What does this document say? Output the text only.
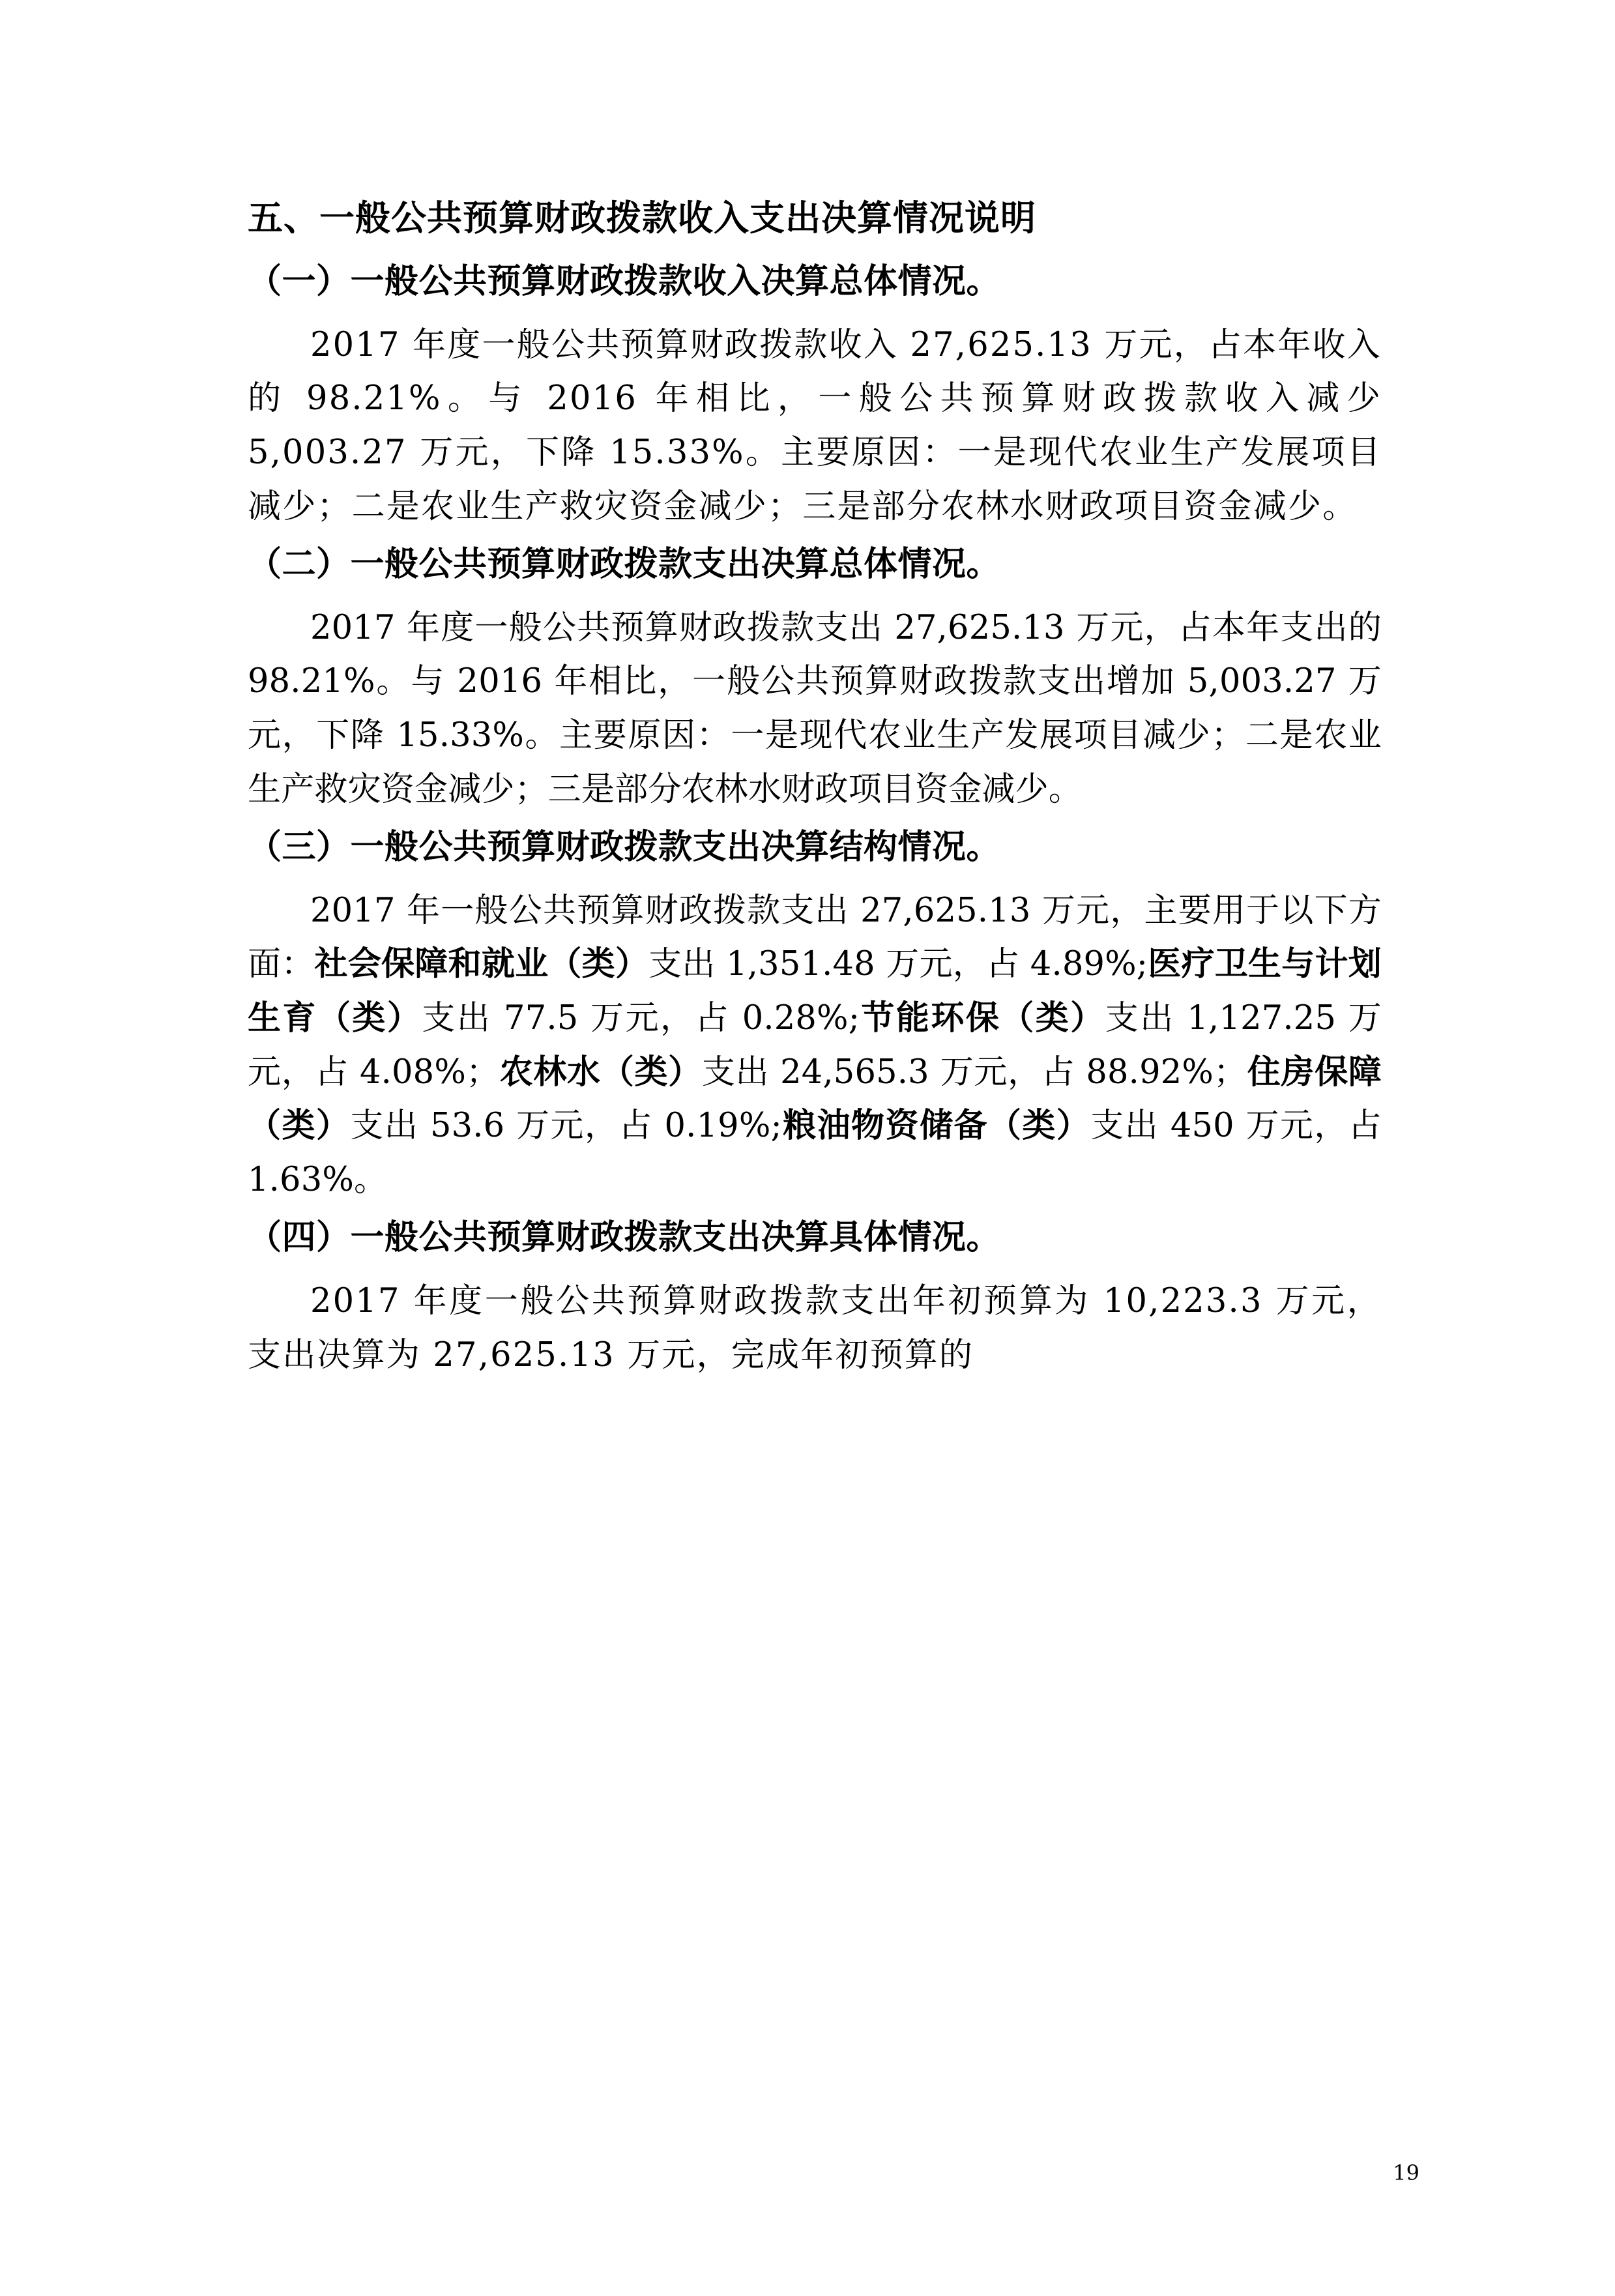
五、一般公共预算财政拨款收入支出决算情况说明
（一）一般公共预算财政拨款收入决算总体情况。

2017 年度一般公共预算财政拨款收入 27,625.13 万元，占本年收入的 98.21%。与 2016 年相比，一般公共预算财政拨款收入减少 5,003.27 万元，下降 15.33%。主要原因：一是现代农业生产发展项目减少；二是农业生产救灾资金减少；三是部分农林水财政项目资金减少。

（二）一般公共预算财政拨款支出决算总体情况。

2017 年度一般公共预算财政拨款支出 27,625.13 万元，占本年支出的 98.21%。与 2016 年相比，一般公共预算财政拨款支出增加 5,003.27 万元，下降 15.33%。主要原因：一是现代农业生产发展项目减少；二是农业生产救灾资金减少；三是部分农林水财政项目资金减少。

（三）一般公共预算财政拨款支出决算结构情况。

2017 年一般公共预算财政拨款支出 27,625.13 万元，主要用于以下方面：社会保障和就业（类）支出 1,351.48 万元，占 4.89%;医疗卫生与计划生育（类）支出 77.5 万元，占 0.28%;节能环保（类）支出 1,127.25 万元，占 4.08%；农林水（类）支出 24,565.3 万元，占 88.92%；住房保障（类）支出 53.6 万元，占 0.19%;粮油物资储备（类）支出 450 万元，占 1.63%。

（四）一般公共预算财政拨款支出决算具体情况。

2017 年度一般公共预算财政拨款支出年初预算为 10,223.3 万元，支出决算为 27,625.13 万元，完成年初预算的

19
